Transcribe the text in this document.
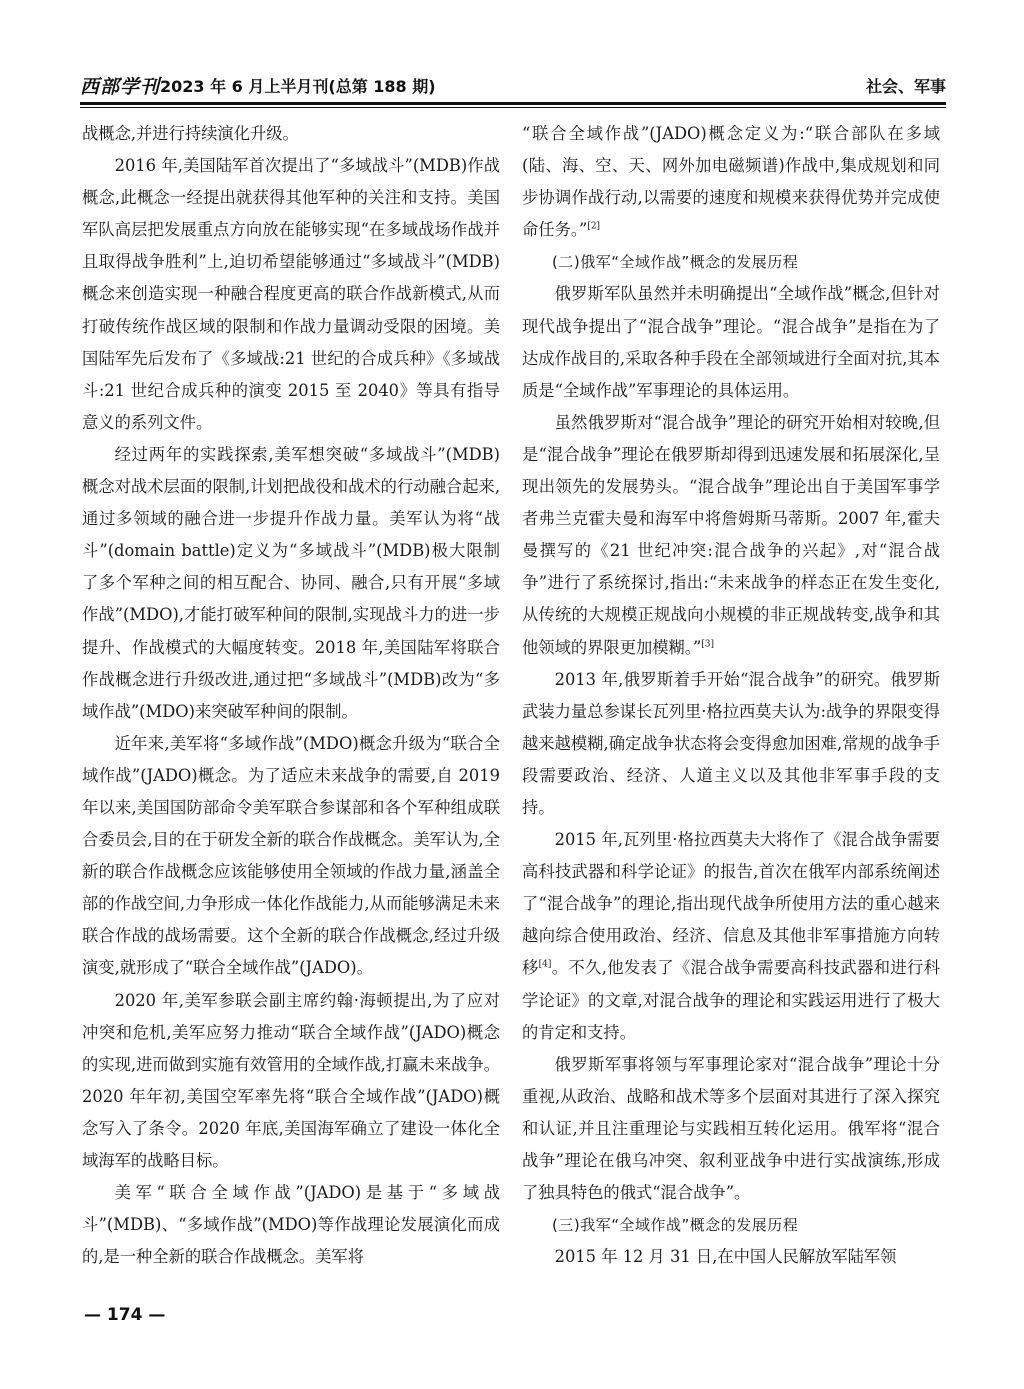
西部学刊 2023 年 6 月上半月刊(总第 188 期)	社会、军事

战概念,并进行持续演化升级。

2016 年,美国陆军首次提出了“多域战斗”(MDB)作战概念,此概念一经提出就获得其他军种的关注和支持。美国军队高层把发展重点方向放在能够实现“在多域战场作战并且取得战争胜利”上,迫切希望能够通过“多域战斗”(MDB)概念来创造实现一种融合程度更高的联合作战新模式,从而打破传统作战区域的限制和作战力量调动受限的困境。美国陆军先后发布了《多域战:21 世纪的合成兵种》《多域战斗:21 世纪合成兵种的演变 2015 至 2040》等具有指导意义的系列文件。

经过两年的实践探索,美军想突破“多域战斗”(MDB)概念对战术层面的限制,计划把战役和战术的行动融合起来,通过多领域的融合进一步提升作战力量。美军认为将“战斗”(domain battle)定义为“多域战斗”(MDB)极大限制了多个军种之间的相互配合、协同、融合,只有开展“多域作战”(MDO),才能打破军种间的限制,实现战斗力的进一步提升、作战模式的大幅度转变。2018 年,美国陆军将联合作战概念进行升级改进,通过把“多域战斗”(MDB)改为“多域作战”(MDO)来突破军种间的限制。

近年来,美军将“多域作战”(MDO)概念升级为“联合全域作战”(JADO)概念。为了适应未来战争的需要,自 2019 年以来,美国国防部命令美军联合参谋部和各个军种组成联合委员会,目的在于研发全新的联合作战概念。美军认为,全新的联合作战概念应该能够使用全领域的作战力量,涵盖全部的作战空间,力争形成一体化作战能力,从而能够满足未来联合作战的战场需要。这个全新的联合作战概念,经过升级演变,就形成了“联合全域作战”(JADO)。

2020 年,美军参联会副主席约翰·海顿提出,为了应对冲突和危机,美军应努力推动“联合全域作战”(JADO)概念的实现,进而做到实施有效管用的全域作战,打赢未来战争。2020 年年初,美国空军率先将“联合全域作战”(JADO)概念写入了条令。2020 年底,美国海军确立了建设一体化全域海军的战略目标。

美军“联合全域作战”(JADO)是基于“多域战斗”(MDB)、“多域作战”(MDO)等作战理论发展演化而成的,是一种全新的联合作战概念。美军将

“联合全域作战”(JADO)概念定义为:“联合部队在多域(陆、海、空、天、网外加电磁频谱)作战中,集成规划和同步协调作战行动,以需要的速度和规模来获得优势并完成使命任务。”[2]

(二)俄军“全域作战”概念的发展历程

俄罗斯军队虽然并未明确提出“全域作战”概念,但针对现代战争提出了“混合战争”理论。“混合战争”是指在为了达成作战目的,采取各种手段在全部领域进行全面对抗,其本质是“全域作战”军事理论的具体运用。

虽然俄罗斯对“混合战争”理论的研究开始相对较晚,但是“混合战争”理论在俄罗斯却得到迅速发展和拓展深化,呈现出领先的发展势头。“混合战争”理论出自于美国军事学者弗兰克霍夫曼和海军中将詹姆斯马蒂斯。2007 年,霍夫曼撰写的《21 世纪冲突:混合战争的兴起》,对“混合战争”进行了系统探讨,指出:“未来战争的样态正在发生变化,从传统的大规模正规战向小规模的非正规战转变,战争和其他领域的界限更加模糊。”[3]

2013 年,俄罗斯着手开始“混合战争”的研究。俄罗斯武装力量总参谋长瓦列里·格拉西莫夫认为:战争的界限变得越来越模糊,确定战争状态将会变得愈加困难,常规的战争手段需要政治、经济、人道主义以及其他非军事手段的支持。

2015 年,瓦列里·格拉西莫夫大将作了《混合战争需要高科技武器和科学论证》的报告,首次在俄军内部系统阐述了“混合战争”的理论,指出现代战争所使用方法的重心越来越向综合使用政治、经济、信息及其他非军事措施方向转移[4]。不久,他发表了《混合战争需要高科技武器和进行科学论证》的文章,对混合战争的理论和实践运用进行了极大的肯定和支持。

俄罗斯军事将领与军事理论家对“混合战争”理论十分重视,从政治、战略和战术等多个层面对其进行了深入探究和认证,并且注重理论与实践相互转化运用。俄军将“混合战争”理论在俄乌冲突、叙利亚战争中进行实战演练,形成了独具特色的俄式“混合战争”。

(三)我军“全域作战”概念的发展历程

2015 年 12 月 31 日,在中国人民解放军陆军领

— 174 —
